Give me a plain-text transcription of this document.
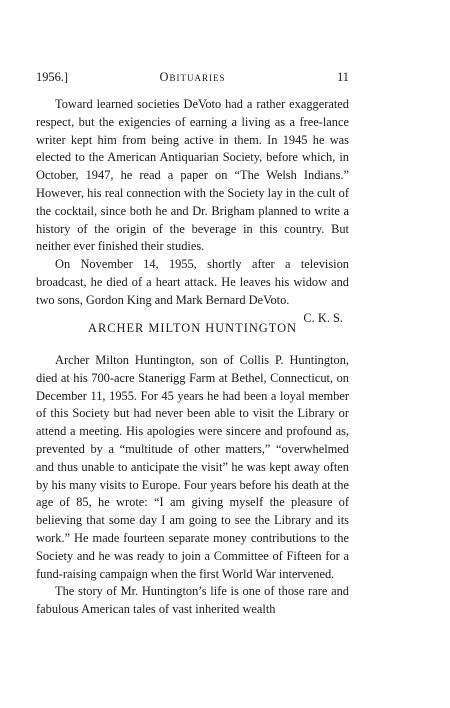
1956.]	Obituaries	11

Toward learned societies DeVoto had a rather exaggerated respect, but the exigencies of earning a living as a free-lance writer kept him from being active in them. In 1945 he was elected to the American Antiquarian Society, before which, in October, 1947, he read a paper on “The Welsh Indians.” However, his real connection with the Society lay in the cult of the cocktail, since both he and Dr. Brigham planned to write a history of the origin of the beverage in this country. But neither ever finished their studies.

On November 14, 1955, shortly after a television broadcast, he died of a heart attack. He leaves his widow and two sons, Gordon King and Mark Bernard DeVoto.

C. K. S.

ARCHER MILTON HUNTINGTON

Archer Milton Huntington, son of Collis P. Huntington, died at his 700-acre Stanerigg Farm at Bethel, Connecticut, on December 11, 1955. For 45 years he had been a loyal member of this Society but had never been able to visit the Library or attend a meeting. His apologies were sincere and profound as, prevented by a “multitude of other matters,” “overwhelmed and thus unable to anticipate the visit” he was kept away often by his many visits to Europe. Four years before his death at the age of 85, he wrote: “I am giving myself the pleasure of believing that some day I am going to see the Library and its work.” He made fourteen separate money contributions to the Society and he was ready to join a Committee of Fifteen for a fund-raising campaign when the first World War intervened.

The story of Mr. Huntington’s life is one of those rare and fabulous American tales of vast inherited wealth
